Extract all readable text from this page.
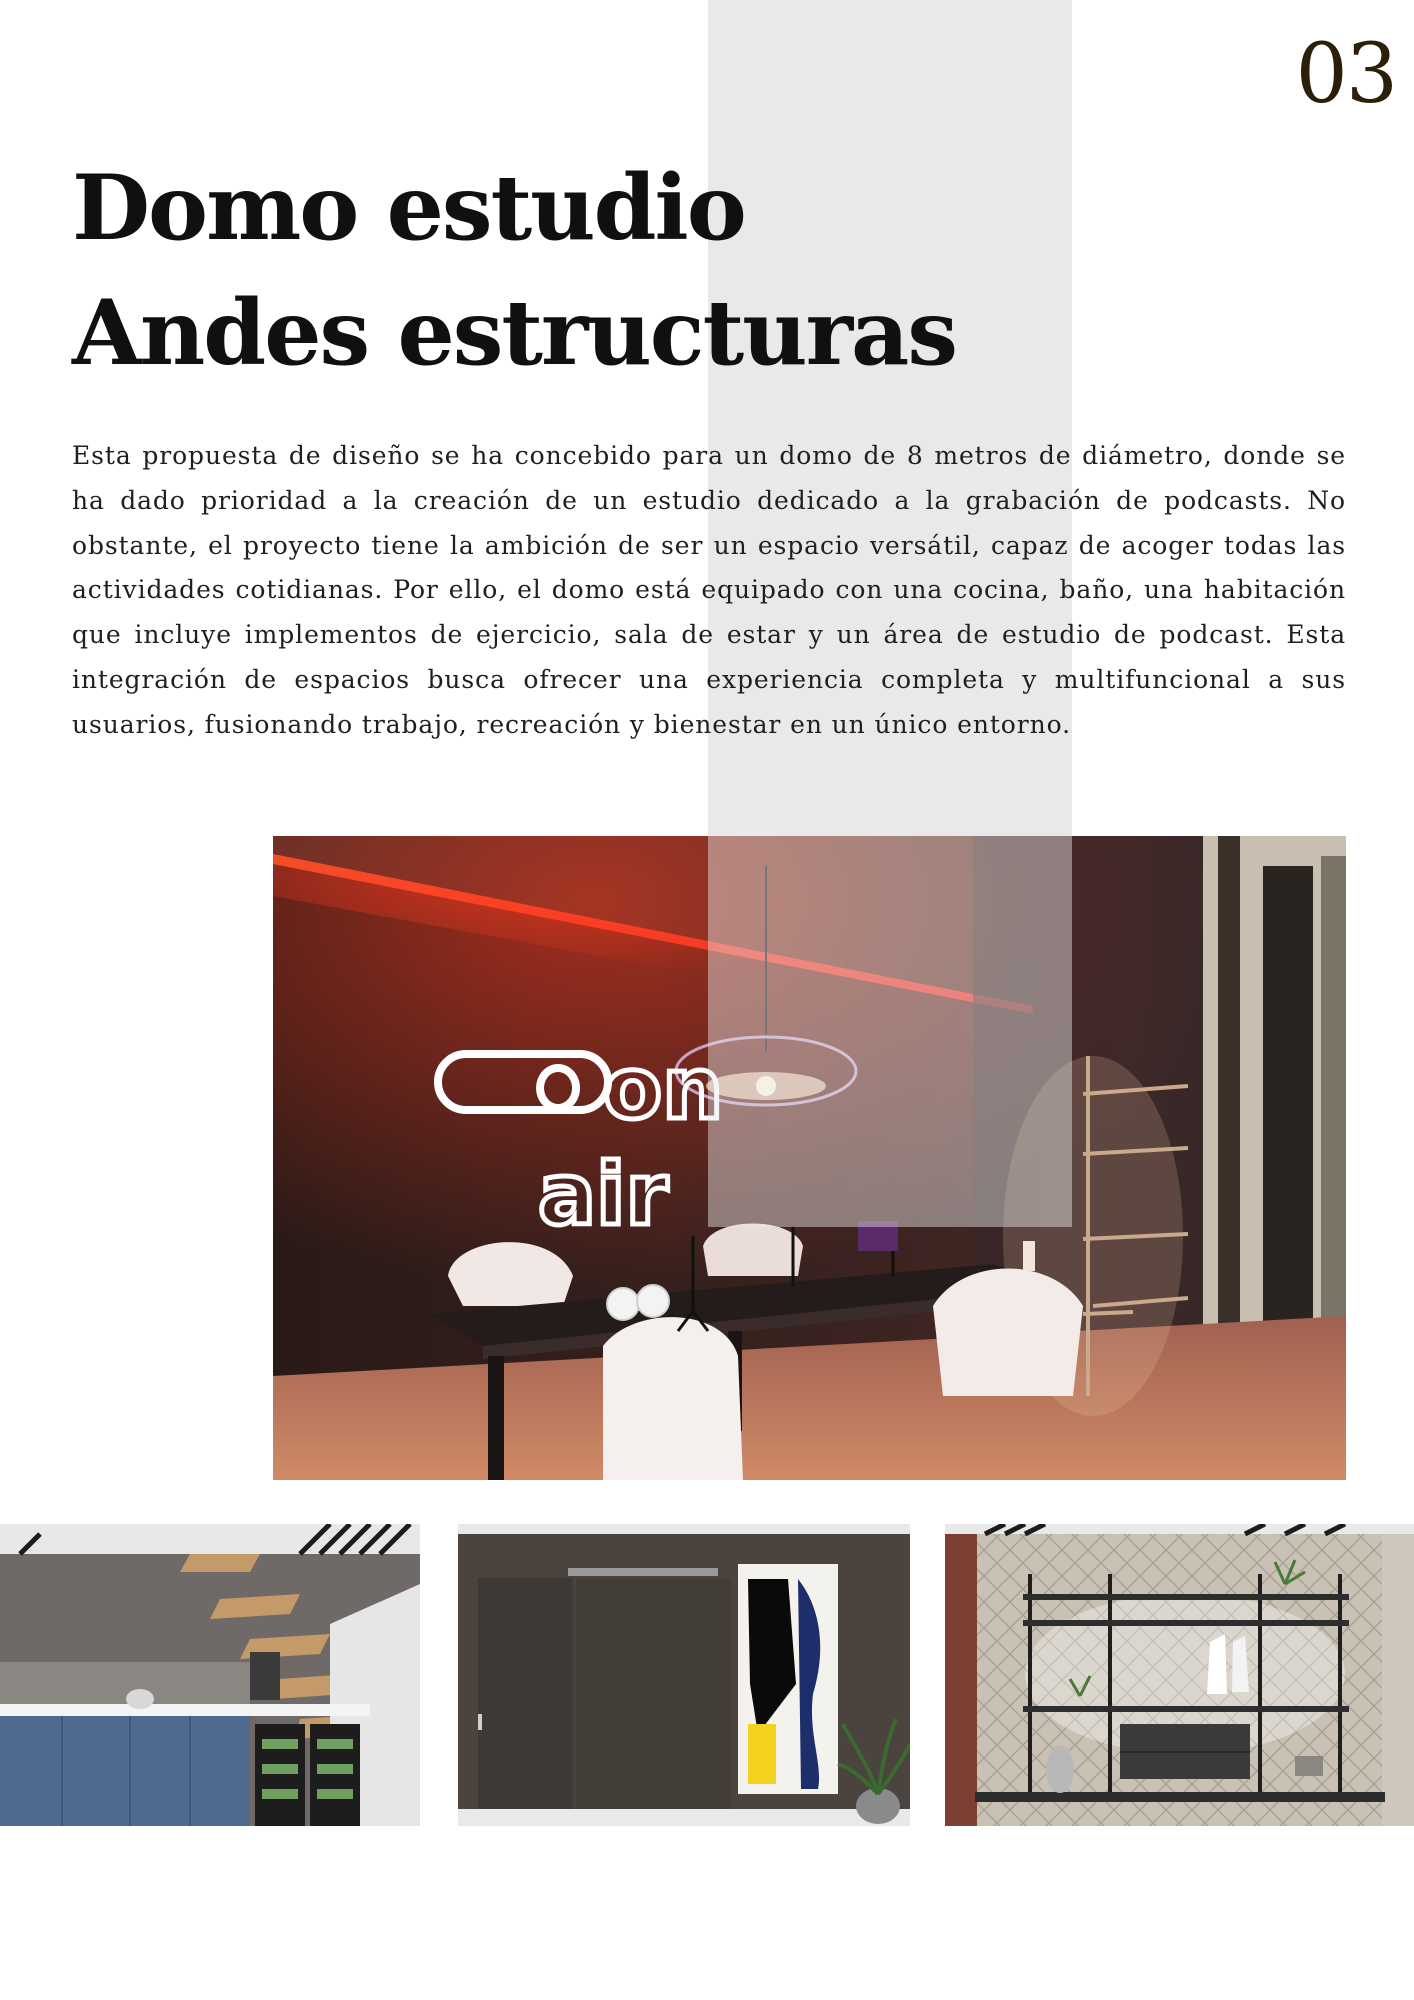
03

Domo estudio
Andes estructuras

Esta propuesta de diseño se ha concebido para un domo de 8 metros de diámetro, donde se ha dado prioridad a la creación de un estudio dedicado a la grabación de podcasts. No obstante, el proyecto tiene la ambición de ser un espacio versátil, capaz de acoger todas las actividades cotidianas. Por ello, el domo está equipado con una cocina, baño, una habitación que incluye implementos de ejercicio, sala de estar y un área de estudio de podcast. Esta integración de espacios busca ofrecer una experiencia completa y multifuncional a sus usuarios, fusionando trabajo, recreación y bienestar en un único entorno.

on
air
